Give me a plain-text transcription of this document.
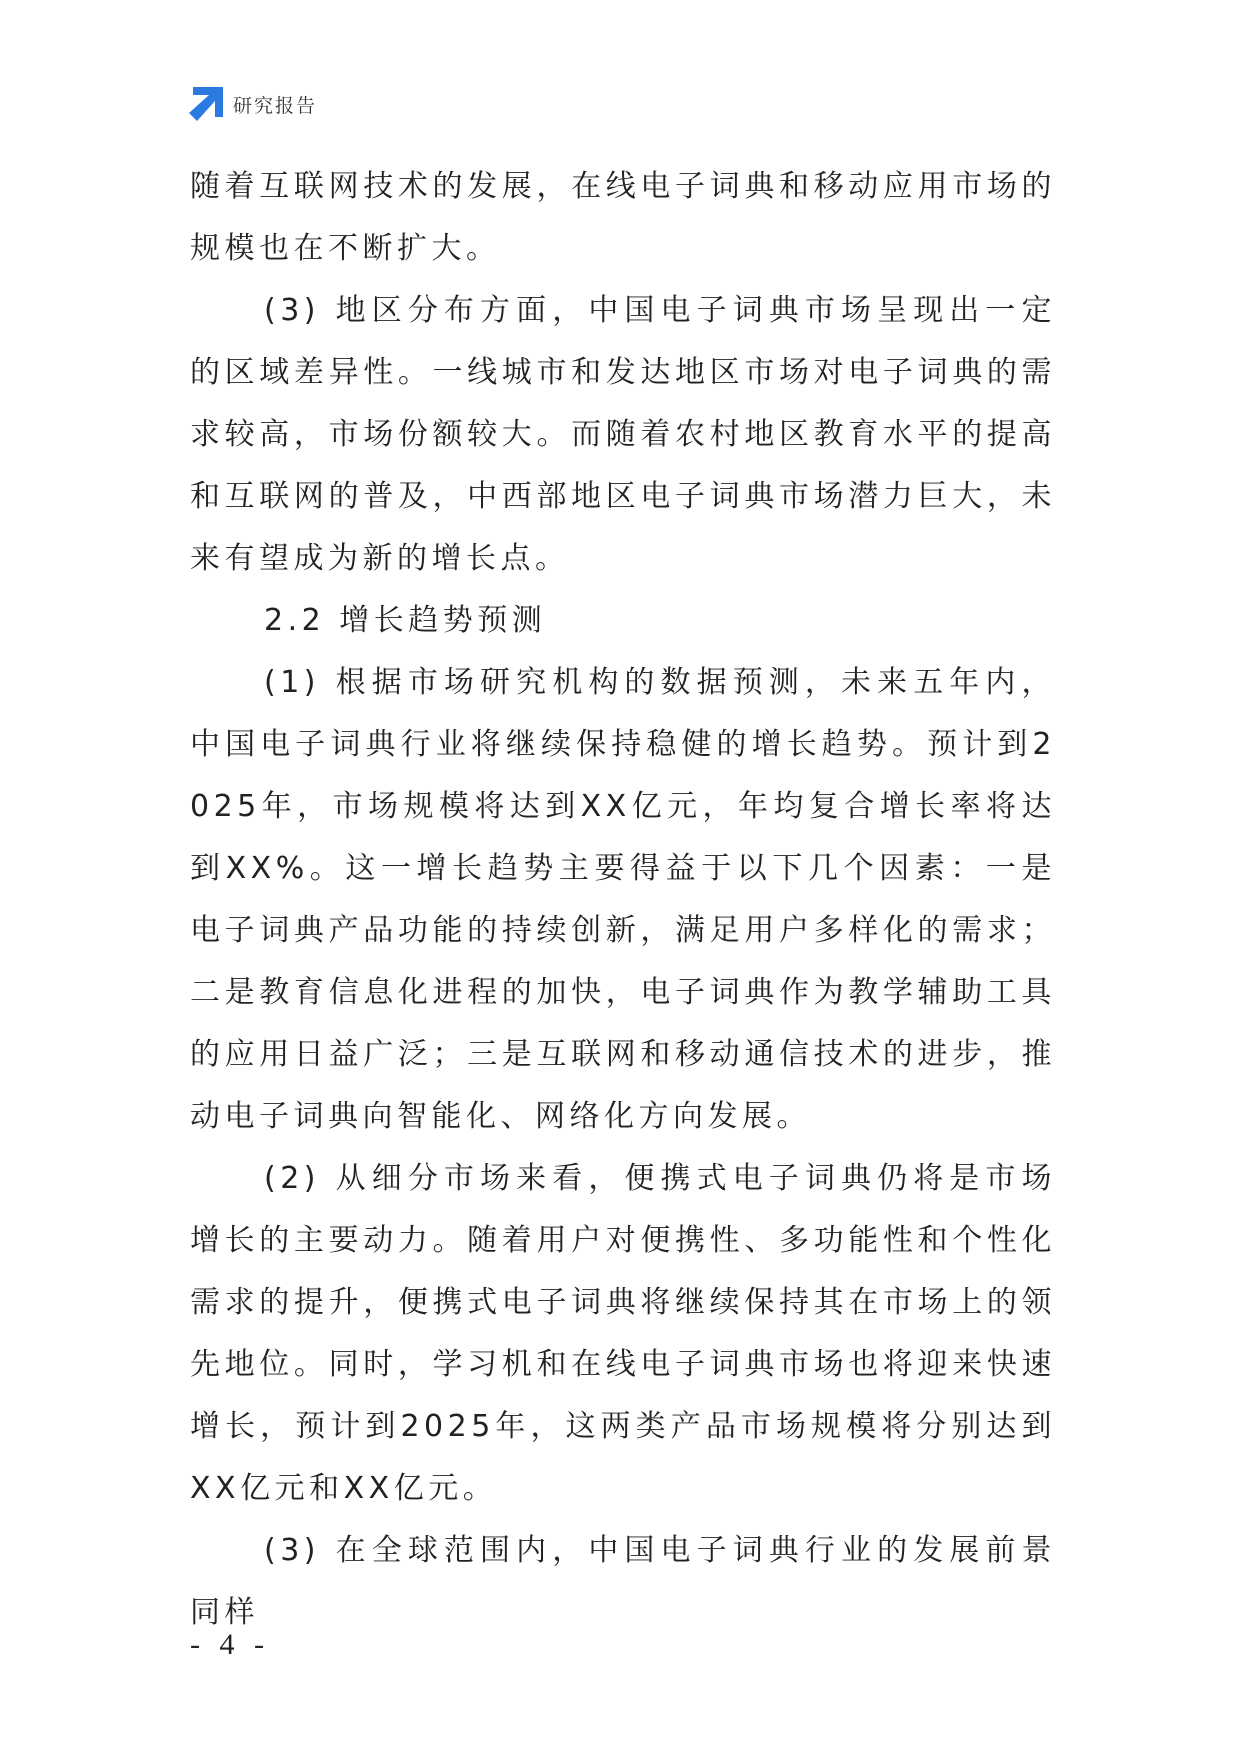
研究报告

随着互联网技术的发展，在线电子词典和移动应用市场的规模也在不断扩大。

(3) 地区分布方面，中国电子词典市场呈现出一定的区域差异性。一线城市和发达地区市场对电子词典的需求较高，市场份额较大。而随着农村地区教育水平的提高和互联网的普及，中西部地区电子词典市场潜力巨大，未来有望成为新的增长点。

2.2 增长趋势预测

(1) 根据市场研究机构的数据预测，未来五年内，中国电子词典行业将继续保持稳健的增长趋势。预计到2025年，市场规模将达到XX亿元，年均复合增长率将达到XX%。这一增长趋势主要得益于以下几个因素：一是电子词典产品功能的持续创新，满足用户多样化的需求；二是教育信息化进程的加快，电子词典作为教学辅助工具的应用日益广泛；三是互联网和移动通信技术的进步，推动电子词典向智能化、网络化方向发展。

(2) 从细分市场来看，便携式电子词典仍将是市场增长的主要动力。随着用户对便携性、多功能性和个性化需求的提升，便携式电子词典将继续保持其在市场上的领先地位。同时，学习机和在线电子词典市场也将迎来快速增长，预计到2025年，这两类产品市场规模将分别达到XX亿元和XX亿元。

(3) 在全球范围内，中国电子词典行业的发展前景同样

- 4 -
